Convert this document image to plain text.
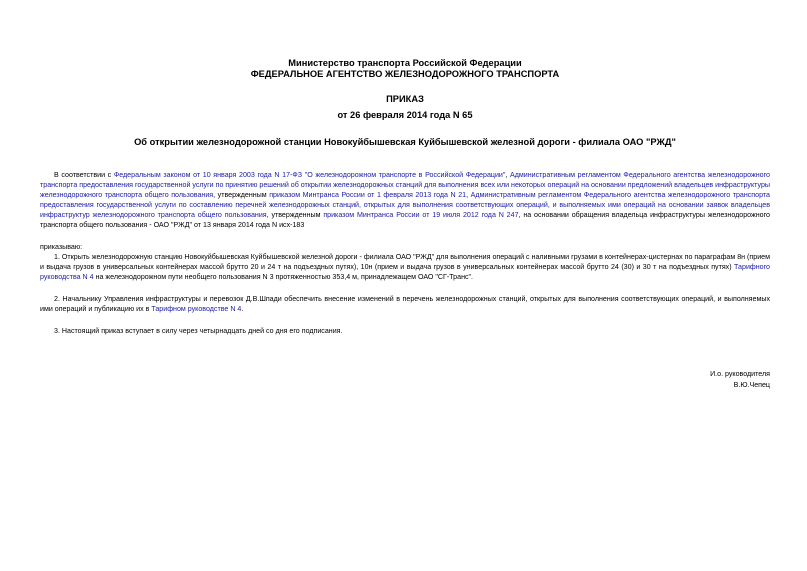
Министерство транспорта Российской Федерации
ФЕДЕРАЛЬНОЕ АГЕНТСТВО ЖЕЛЕЗНОДОРОЖНОГО ТРАНСПОРТА
ПРИКАЗ
от 26 февраля 2014 года N 65
Об открытии железнодорожной станции Новокуйбышевская Куйбышевской железной дороги - филиала ОАО "РЖД"
В соответствии с Федеральным законом от 10 января 2003 года N 17-ФЗ "О железнодорожном транспорте в Российской Федерации", Административным регламентом Федерального агентства железнодорожного транспорта предоставления государственной услуги по принятию решений об открытии железнодорожных станций для выполнения всех или некоторых операций на основании предложений владельцев инфраструктуры железнодорожного транспорта общего пользования, утвержденным приказом Минтранса России от 1 февраля 2013 года N 21, Административным регламентом Федерального агентства железнодорожного транспорта предоставления государственной услуги по составлению перечней железнодорожных станций, открытых для выполнения соответствующих операций, и выполняемых ими операций на основании заявок владельцев инфраструктур железнодорожного транспорта общего пользования, утвержденным приказом Минтранса России от 19 июля 2012 года N 247, на основании обращения владельца инфраструктуры железнодорожного транспорта общего пользования - ОАО "РЖД" от 13 января 2014 года N исх-183
приказываю:
1. Открыть железнодорожную станцию Новокуйбышевская Куйбышевской железной дороги - филиала ОАО "РЖД" для выполнения операций с наливными грузами в контейнерах-цистернах по параграфам 8н (прием и выдача грузов в универсальных контейнерах массой брутто 20 и 24 т на подъездных путях), 10н (прием и выдача грузов в универсальных контейнерах массой брутто 24 (30) и 30 т на подъездных путях) Тарифного руководства N 4 на железнодорожном пути необщего пользования N 3 протяженностью 353,4 м, принадлежащем ОАО "СГ-Транс".
2. Начальнику Управления инфраструктуры и перевозок Д.В.Шпади обеспечить внесение изменений в перечень железнодорожных станций, открытых для выполнения соответствующих операций, и выполняемых ими операций и публикацию их в Тарифном руководстве N 4.
3. Настоящий приказ вступает в силу через четырнадцать дней со дня его подписания.
И.о. руководителя
В.Ю.Чепец
